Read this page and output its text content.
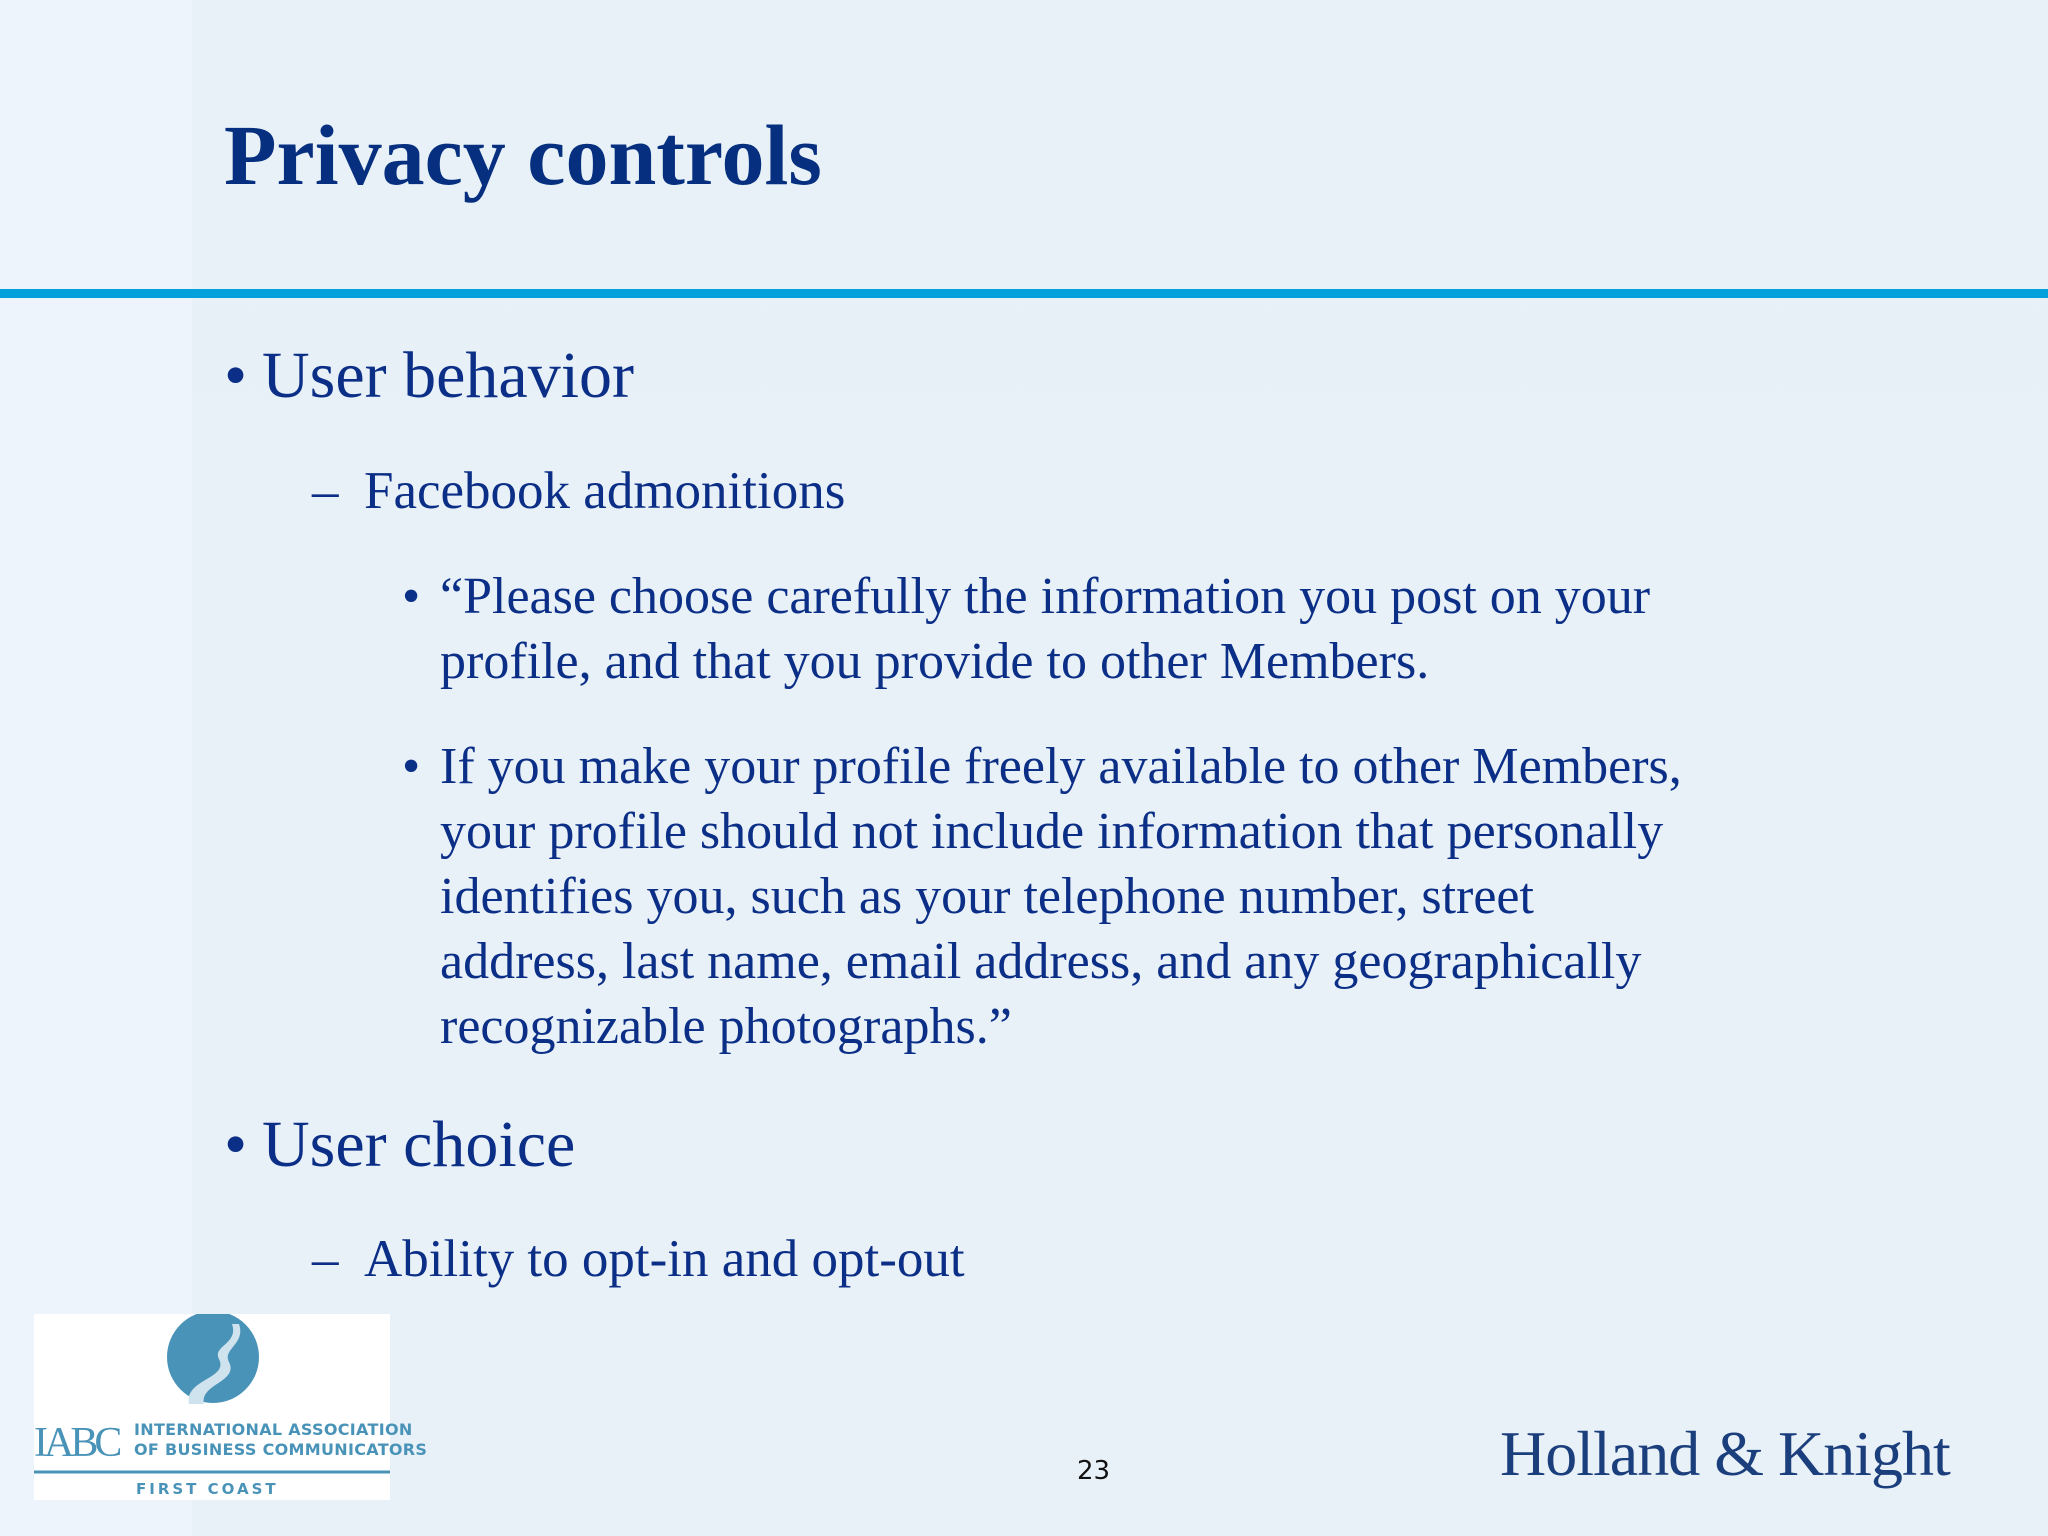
Privacy controls
• User behavior
– Facebook admonitions
• “Please choose carefully the information you post on your
profile, and that you provide to other Members.
• If you make your profile freely available to other Members,
your profile should not include information that personally
identifies you, such as your telephone number, street
address, last name, email address, and any geographically
recognizable photographs.”
• User choice
– Ability to opt-in and opt-out
IABC INTERNATIONAL ASSOCIATION
OF BUSINESS COMMUNICATORS
FIRST COAST
23	Holland & Knight
